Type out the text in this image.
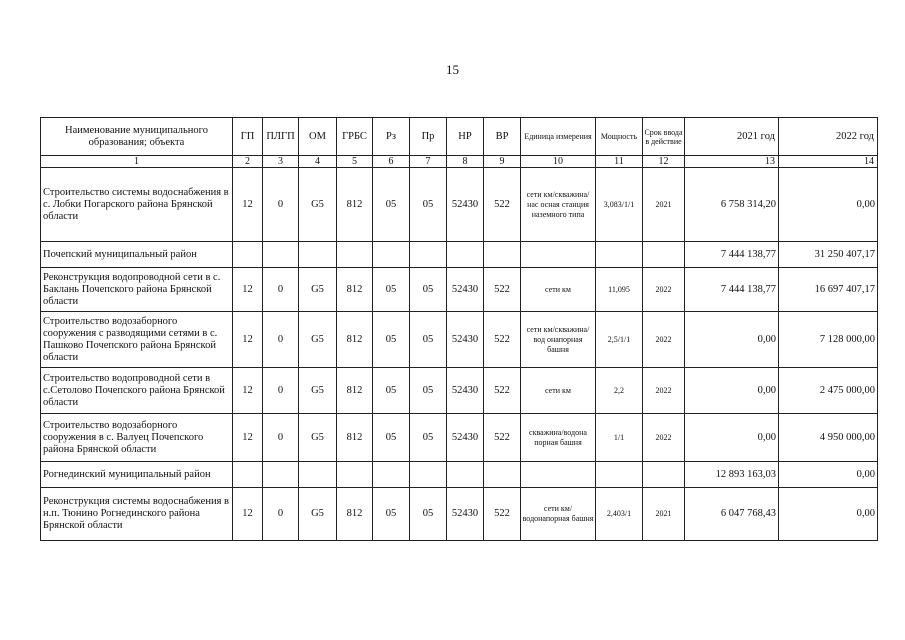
15
Наименование муниципального образования; объекта	ГП	ПЛГП	ОМ	ГРБС	Рз	Пр	НР	ВР	Единица измерения	Мощность	Срок ввода в действие	2021 год	2022 год
1	2	3	4	5	6	7	8	9	10	11	12	13	14
Строительство системы водоснабжения в с. Лобки Погарского района Брянской области	12	0	G5	812	05	05	52430	522	сети км/скважина/нас осная станция наземного типа	3,083/1/1	2021	6 758 314,20	0,00
Почепский муниципальный район												7 444 138,77	31 250 407,17
Реконструкция водопроводной сети в с. Баклань Почепского района Брянской области	12	0	G5	812	05	05	52430	522	сети км	11,095	2022	7 444 138,77	16 697 407,17
Строительство водозаборного сооружения с разводящими сетями в с. Пашково Почепского района Брянской области	12	0	G5	812	05	05	52430	522	сети км/скважина/вод онапорная башня	2,5/1/1	2022	0,00	7 128 000,00
Строительство водопроводной сети в с.Сетолово Почепского района Брянской области	12	0	G5	812	05	05	52430	522	сети км	2,2	2022	0,00	2 475 000,00
Строительство водозаборного сооружения в с. Валуец Почепского района Брянской области	12	0	G5	812	05	05	52430	522	скважина/водона порная башня	1/1	2022	0,00	4 950 000,00
Рогнединский муниципальный район												12 893 163,03	0,00
Реконструкция системы водоснабжения в н.п. Тюнино Рогнединского района Брянской области	12	0	G5	812	05	05	52430	522	сети км/водонапорная башня	2,403/1	2021	6 047 768,43	0,00
